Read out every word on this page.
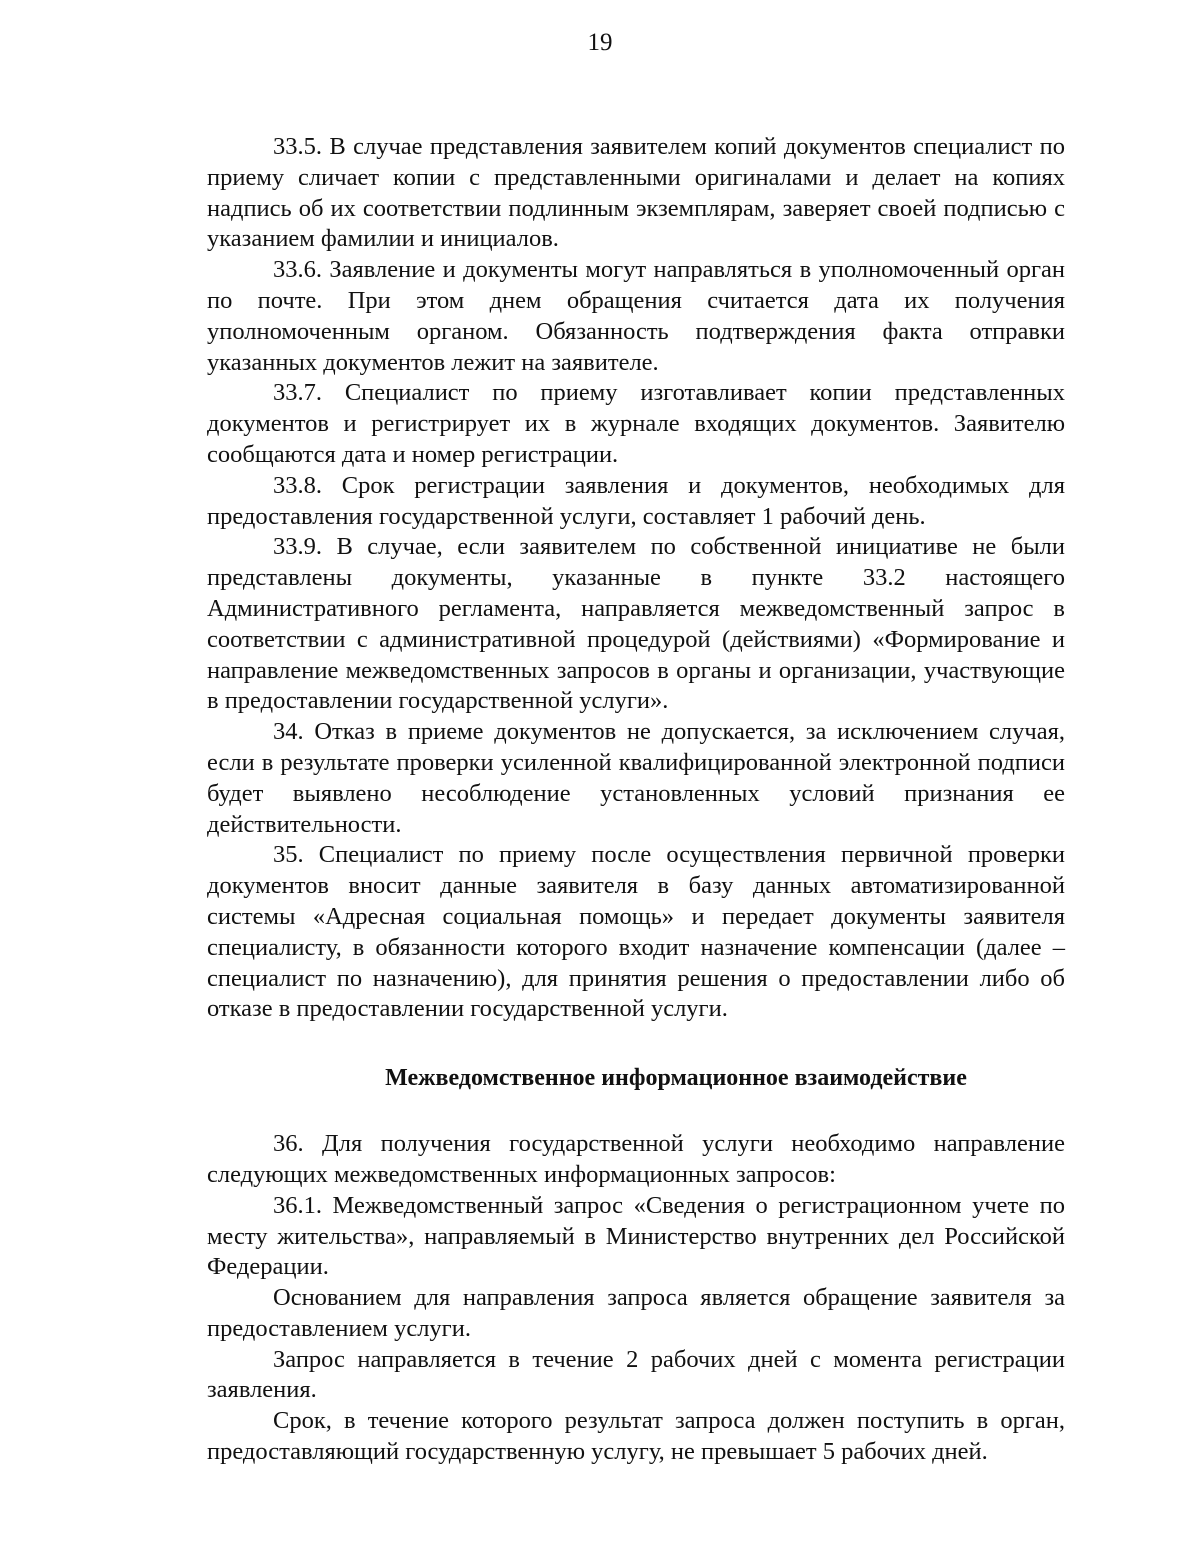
19

33.5. В случае представления заявителем копий документов специалист по приему сличает копии с представленными оригиналами и делает на копиях надпись об их соответствии подлинным экземплярам, заверяет своей подписью с указанием фамилии и инициалов.

33.6. Заявление и документы могут направляться в уполномоченный орган по почте. При этом днем обращения считается дата их получения уполномоченным органом. Обязанность подтверждения факта отправки указанных документов лежит на заявителе.

33.7. Специалист по приему изготавливает копии представленных документов и регистрирует их в журнале входящих документов. Заявителю сообщаются дата и номер регистрации.

33.8. Срок регистрации заявления и документов, необходимых для предоставления государственной услуги, составляет 1 рабочий день.

33.9. В случае, если заявителем по собственной инициативе не были представлены документы, указанные в пункте 33.2 настоящего Административного регламента, направляется межведомственный запрос в соответствии с административной процедурой (действиями) «Формирование и направление межведомственных запросов в органы и организации, участвующие в предоставлении государственной услуги».

34. Отказ в приеме документов не допускается, за исключением случая, если в результате проверки усиленной квалифицированной электронной подписи будет выявлено несоблюдение установленных условий признания ее действительности.

35. Специалист по приему после осуществления первичной проверки документов вносит данные заявителя в базу данных автоматизированной системы «Адресная социальная помощь» и передает документы заявителя специалисту, в обязанности которого входит назначение компенсации (далее – специалист по назначению), для принятия решения о предоставлении либо об отказе в предоставлении государственной услуги.

Межведомственное информационное взаимодействие

36. Для получения государственной услуги необходимо направление следующих межведомственных информационных запросов:

36.1. Межведомственный запрос «Сведения о регистрационном учете по месту жительства», направляемый в Министерство внутренних дел Российской Федерации.

Основанием для направления запроса является обращение заявителя за предоставлением услуги.

Запрос направляется в течение 2 рабочих дней с момента регистрации заявления.

Срок, в течение которого результат запроса должен поступить в орган, предоставляющий государственную услугу, не превышает 5 рабочих дней.
